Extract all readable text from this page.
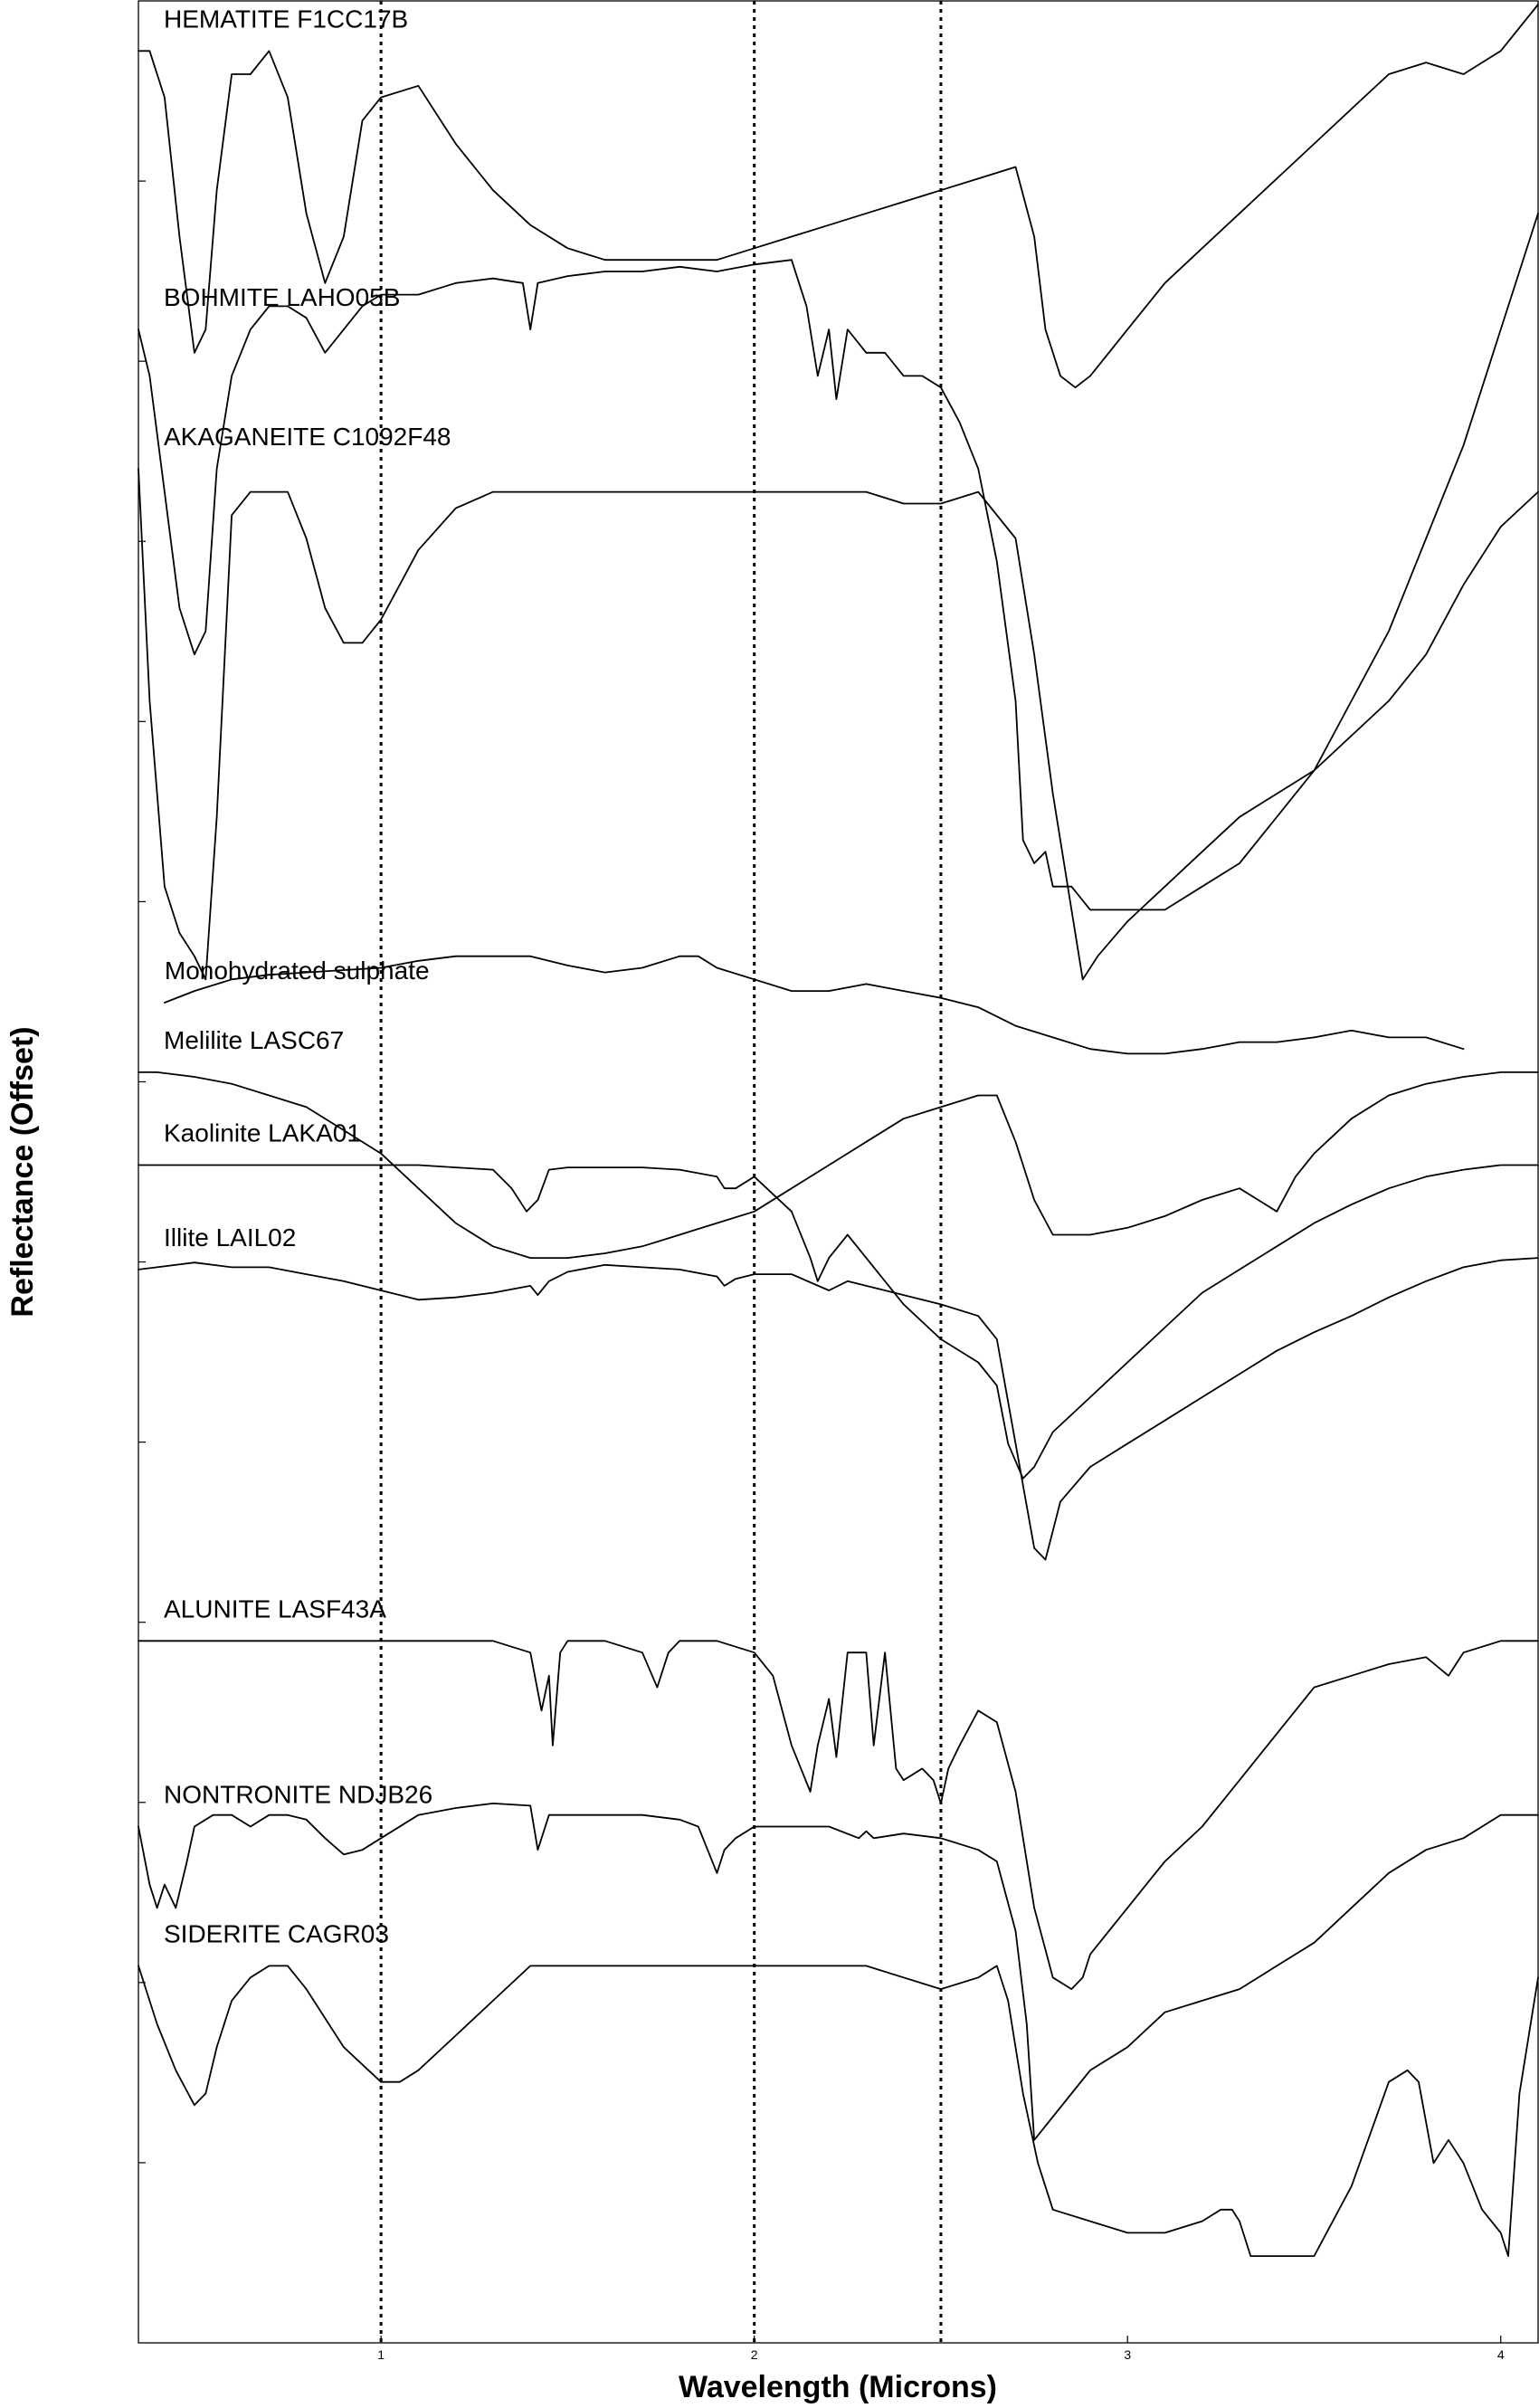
1	2	3	4
HEMATITE F1CC17B
BOHMITE LAHO05B
AKAGANEITE C1092F48
Monohydrated sulphate
Melilite LASC67
Kaolinite LAKA01
Illite LAIL02
ALUNITE LASF43A
NONTRONITE NDJB26
SIDERITE CAGR03
Wavelength (Microns)
Reflectance (Offset)
